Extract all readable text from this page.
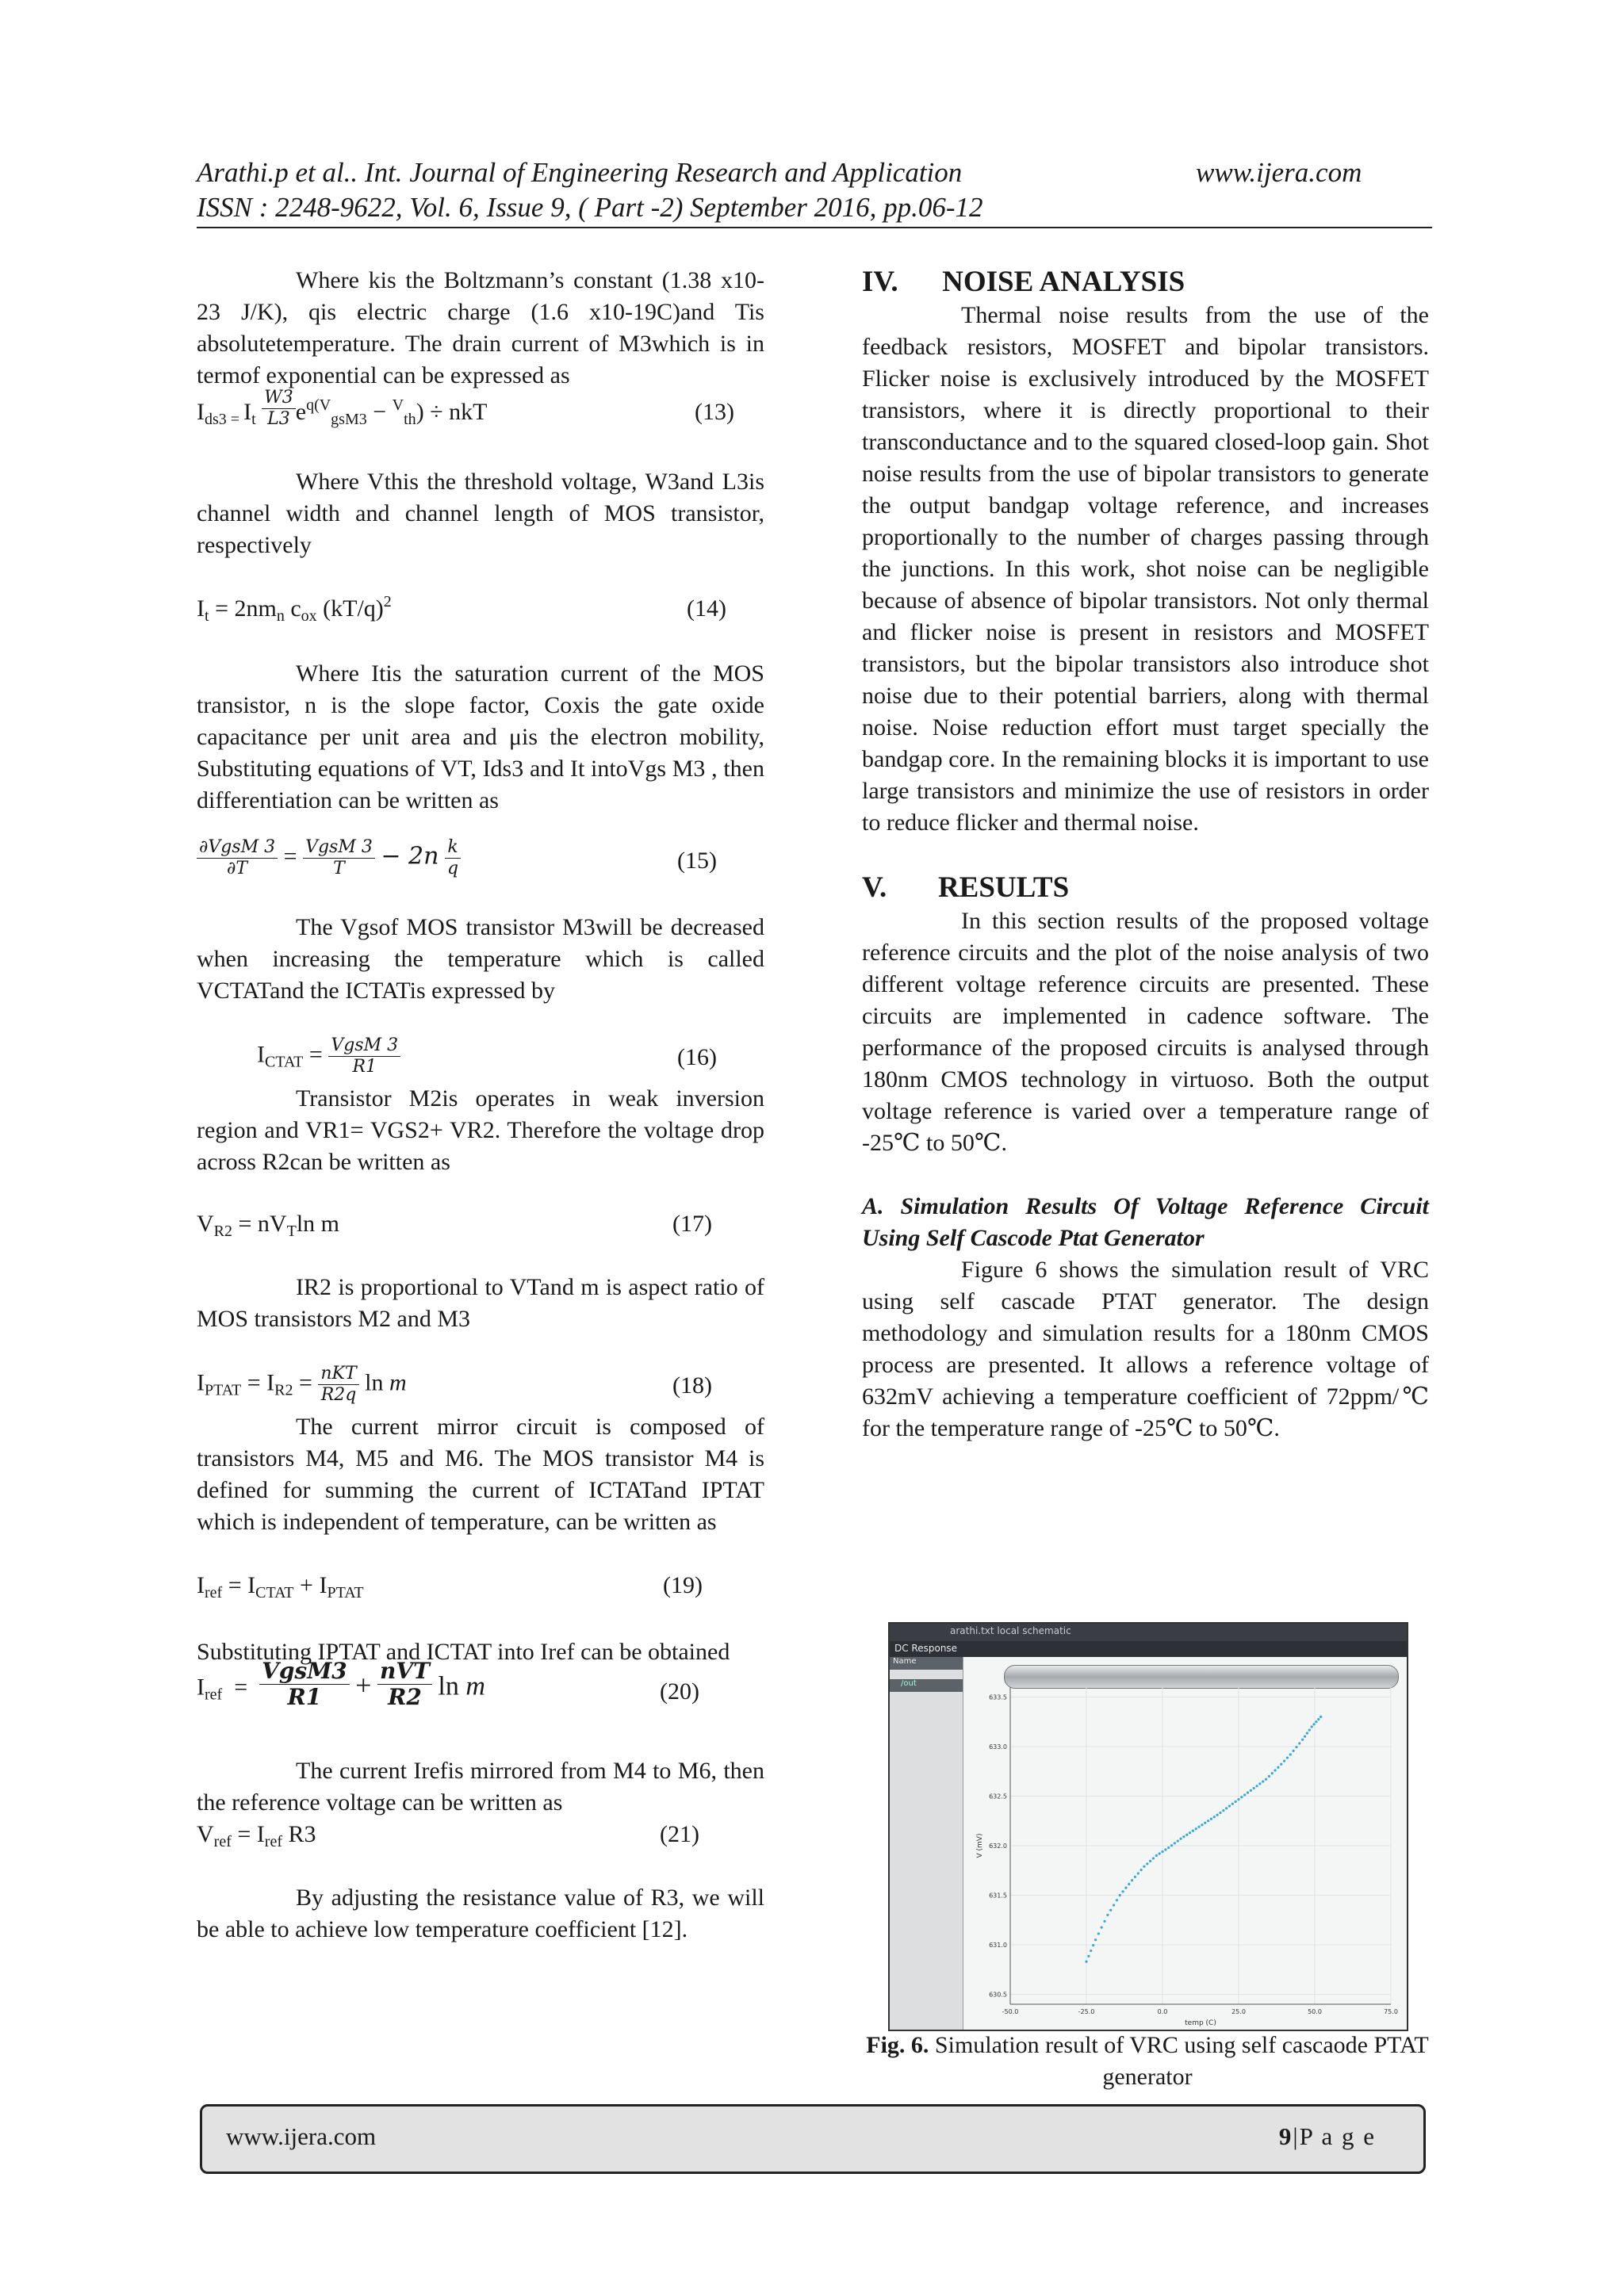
Arathi.p et al.. Int. Journal of Engineering Research and Application	www.ijera.com
ISSN : 2248-9622, Vol. 6, Issue 9, ( Part -2) September 2016, pp.06-12

Where kis the Boltzmann’s constant (1.38 x10-23 J/K), qis electric charge (1.6 x10-19C)and Tis absolutetemperature. The drain current of M3which is in termof exponential can be expressed as

$I_{ds3 =}$ $I_t \frac{W3}{L3} e^{q(V}_{gsM3} - ^V_{th}$) ÷ nkT	(13)

Where Vthis the threshold voltage, W3and L3is channel width and channel length of MOS transistor, respectively

$I_t = 2nm_n$ $c_{ox}$ $(kT/q)^2$	(14)

Where Itis the saturation current of the MOS transistor, n is the slope factor, Coxis the gate oxide capacitance per unit area and μis the electron mobility, Substituting equations of VT, Ids3 and It intoVgs M3 , then differentiation can be written as

$\frac{\text{∂VgsM 3}}{\partial T} = \frac{\text{VgsM 3}}{T} - 2n \frac{k}{q}$	(15)

The Vgsof MOS transistor M3will be decreased when increasing the temperature which is called VCTATand the ICTATis expressed by

$I_{CTAT} = \frac{\text{VgsM 3}}{R1}$	(16)

Transistor M2is operates in weak inversion region and VR1= VGS2+ VR2. Therefore the voltage drop across R2can be written as

$V_{R2} = nV_T\ln$ m	(17)

IR2 is proportional to VTand m is aspect ratio of MOS transistors M2 and M3

$I_{PTAT} = I_{R2} = \frac{\text{nKT}}{R2q}$ ln m	(18)

The current mirror circuit is composed of transistors M4, M5 and M6. The MOS transistor M4 is defined for summing the current of ICTATand IPTAT which is independent of temperature, can be written as

$I_{ref} = I_{CTAT} + I_{PTAT}$	(19)

Substituting IPTAT and ICTAT into Iref can be obtained

$I_{ref} = \frac{\text{VgsM3}}{R1} + \frac{\text{nVT}}{R2}$ ln m	(20)

The current Irefis mirrored from M4 to M6, then the reference voltage can be written as

$V_{ref} = I_{ref}$ R3	(21)

By adjusting the resistance value of R3, we will be able to achieve low temperature coefficient [12].

IV.      NOISE ANALYSIS

Thermal noise results from the use of the feedback resistors, MOSFET and bipolar transistors. Flicker noise is exclusively introduced by the MOSFET transistors, where it is directly proportional to their transconductance and to the squared closed-loop gain. Shot noise results from the use of bipolar transistors to generate the output bandgap voltage reference, and increases proportionally to the number of charges passing through the junctions. In this work, shot noise can be negligible because of absence of bipolar transistors. Not only thermal and flicker noise is present in resistors and MOSFET transistors, but the bipolar transistors also introduce shot noise due to their potential barriers, along with thermal noise. Noise reduction effort must target specially the bandgap core. In the remaining blocks it is important to use large transistors and minimize the use of resistors in order to reduce flicker and thermal noise.

V.       RESULTS

In this section results of the proposed voltage reference circuits and the plot of the noise analysis of two different voltage reference circuits are presented. These circuits are implemented in cadence software. The performance of the proposed circuits is analysed through 180nm CMOS technology in virtuoso. Both the output voltage reference is varied over a temperature range of -25℃ to 50℃.

A. Simulation Results Of Voltage Reference Circuit Using Self Cascode Ptat Generator

Figure 6 shows the simulation result of VRC using self cascade PTAT generator. The design methodology and simulation results for a 180nm CMOS process are presented. It allows a reference voltage of 632mV achieving a temperature coefficient of 72ppm/℃ for the temperature range of -25℃ to 50℃.

arathi.txt local schematic
DC Response
Name
/out
-50.0	-25.0	0.0	25.0	50.0	75.0
630.5
631.0
631.5
632.0
632.5
633.0
633.5
temp (C)
V (mV)
Fig. 6. Simulation result of VRC using self cascaode PTAT generator
www.ijera.com	9|P a g e
